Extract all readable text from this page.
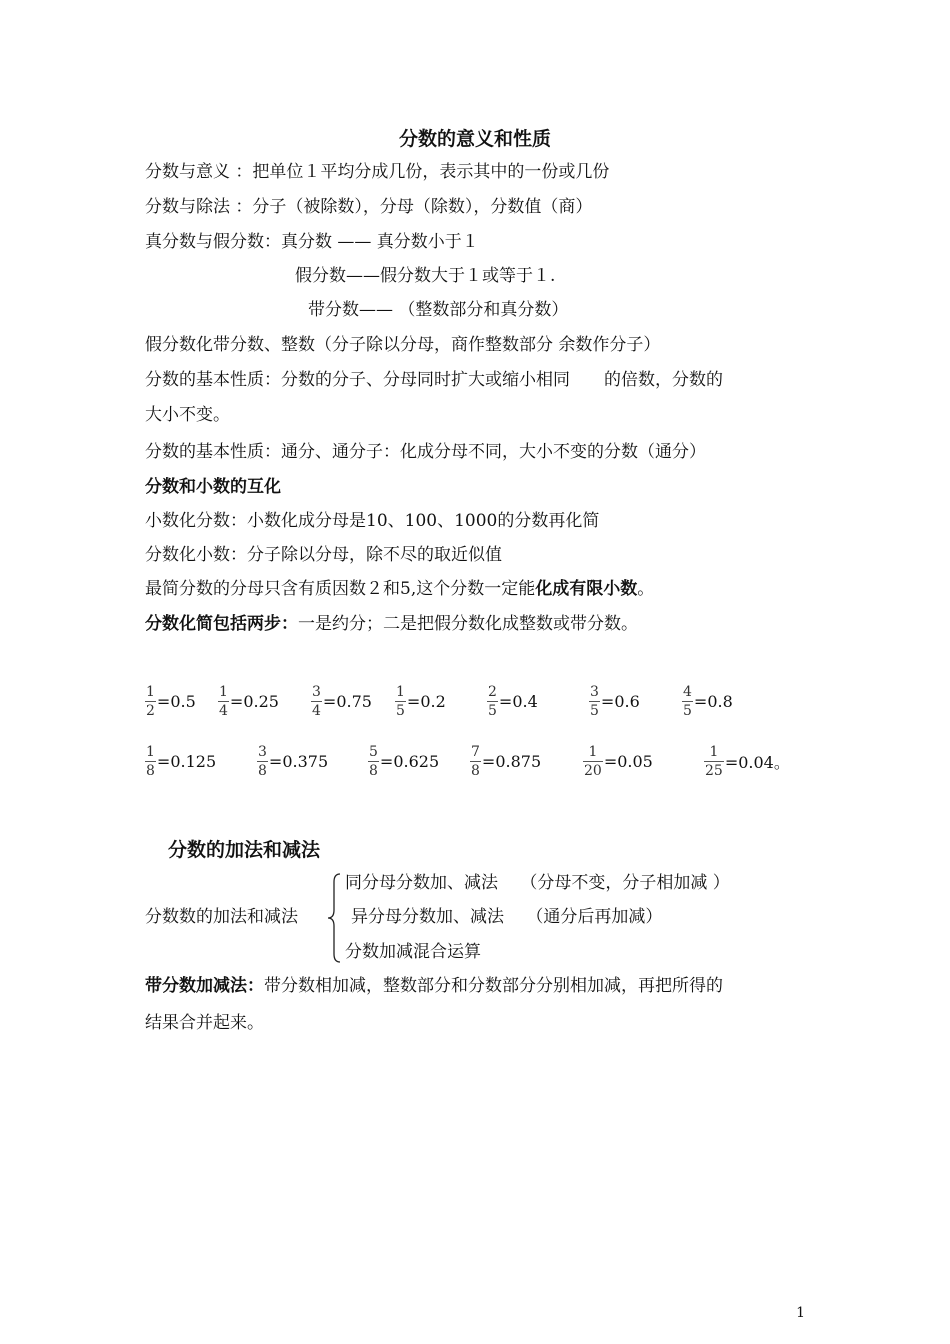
分数的意义和性质
分数与意义 ：把单位１平均分成几份，表示其中的一份或几份
分数与除法 ：分子（被除数），分母（除数），分数值（商）
真分数与假分数：真分数 —— 真分数小于１
假分数——假分数大于１或等于１.
带分数—— （整数部分和真分数）
假分数化带分数、整数（分子除以分母，商作整数部分 余数作分子）
分数的基本性质：分数的分子、分母同时扩大或缩小相同　　的倍数，分数的
大小不变。
分数的基本性质：通分、通分子：化成分母不同，大小不变的分数（通分）
分数和小数的互化
小数化分数：小数化成分母是10、100、1000的分数再化简
分数化小数：分子除以分母，除不尽的取近似值
最简分数的分母只含有质因数２和5,这个分数一定能化成有限小数。
分数化简包括两步：一是约分；二是把假分数化成整数或带分数。
$\frac{1}{2} =0.5 \frac{1}{4} =0.25 \frac{3}{4} =0.75 \frac{1}{5} =0.2$	$\frac{2}{5} =0.4$	$\frac{3}{5} =0.6$	$\frac{4}{5} =0.8$
$\frac{1}{8} =0.125$	$\frac{3}{8} =0.375$	$\frac{5}{8} =0.625 \frac{7}{8} =0.875$	$\frac{1}{20} =0.05$	$\frac{1}{25} =0.04$。
分数的加法和减法
同分母分数加、减法　 （分母不变，分子相加减 ）
分数数的加法和减法	异分母分数加、减法　 （通分后再加减）
分数加减混合运算
带分数加减法：带分数相加减，整数部分和分数部分分别相加减，再把所得的
结果合并起来。
1
